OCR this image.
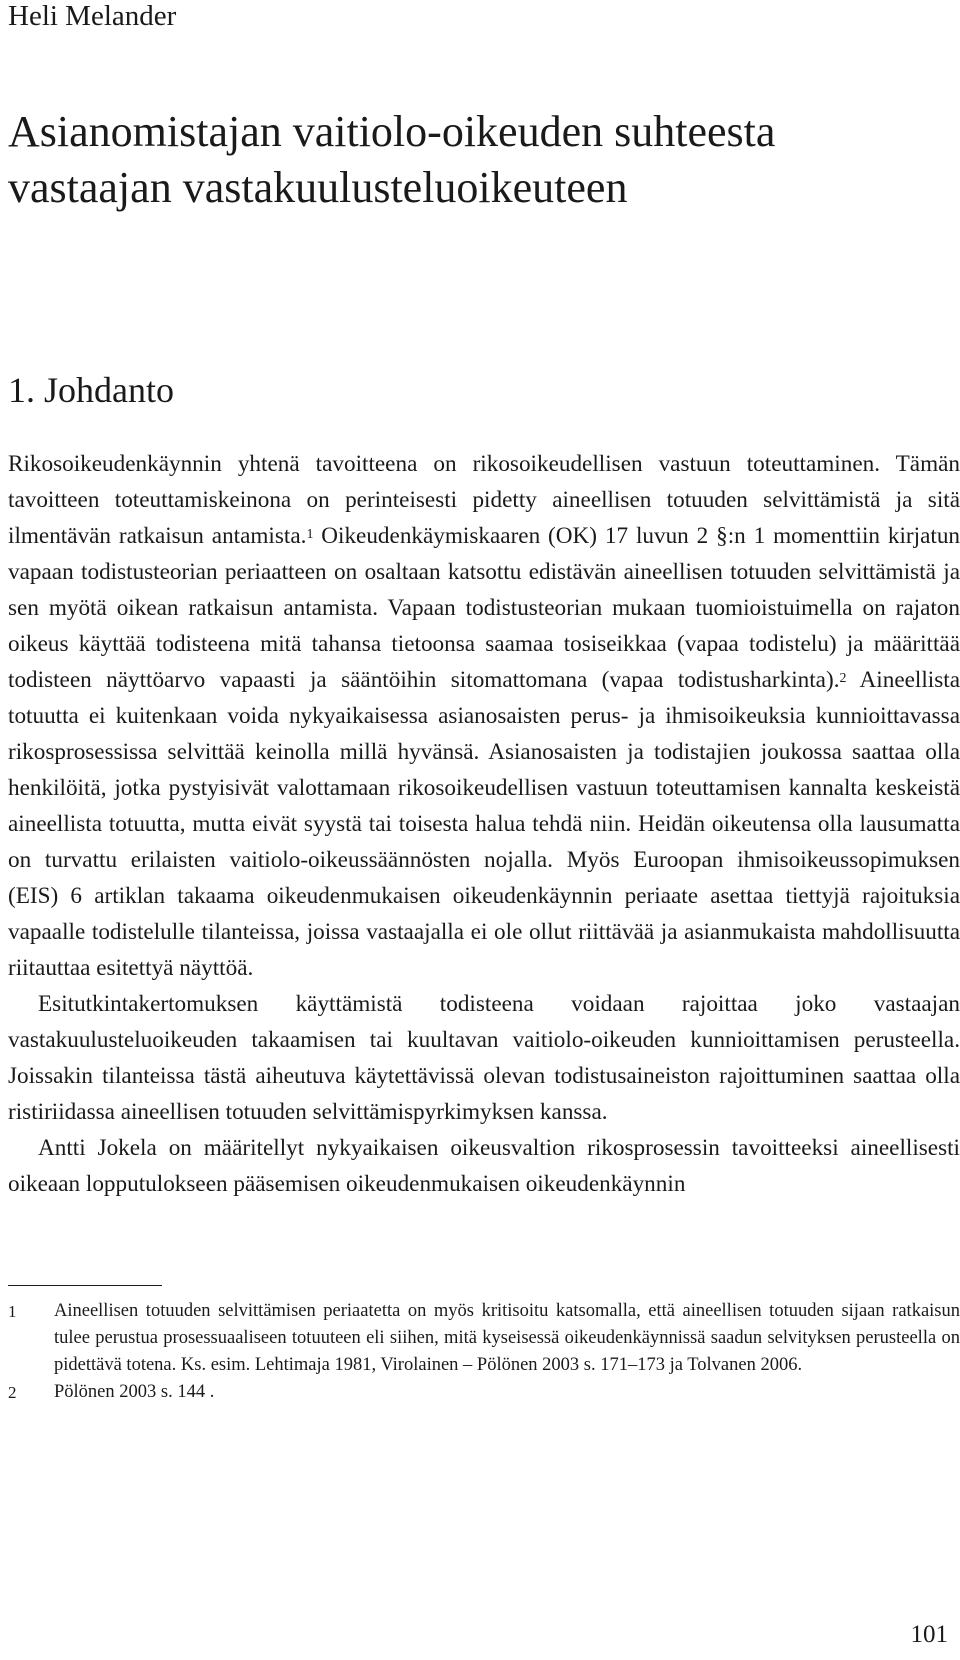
Heli Melander
Asianomistajan vaitiolo-oikeuden suhteesta vastaajan vastakuulusteluoikeuteen
1. Johdanto

Rikosoikeudenkäynnin yhtenä tavoitteena on rikosoikeudellisen vastuun toteuttaminen. Tämän tavoitteen toteuttamiskeinona on perinteisesti pidetty aineellisen totuuden selvittämistä ja sitä ilmentävän ratkaisun antamista.$^1$ Oikeudenkäymiskaaren (OK) 17 luvun 2 §:n 1 momenttiin kirjatun vapaan todistusteorian periaatteen on osaltaan katsottu edistävän aineellisen totuuden selvittämistä ja sen myötä oikean ratkaisun antamista. Vapaan todistusteorian mukaan tuomioistuimella on rajaton oikeus käyttää todisteena mitä tahansa tietoonsa saamaa tosiseikkaa (vapaa todistelu) ja määrittää todisteen näyttöarvo vapaasti ja sääntöihin sitomattomana (vapaa todistusharkinta).$^2$ Aineellista totuutta ei kuitenkaan voida nykyaikaisessa asianosaisten perus- ja ihmisoikeuksia kunnioittavassa rikosprosessissa selvittää keinolla millä hyvänsä. Asianosaisten ja todistajien joukossa saattaa olla henkilöitä, jotka pystyisivät valottamaan rikosoikeudellisen vastuun toteuttamisen kannalta keskeistä aineellista totuutta, mutta eivät syystä tai toisesta halua tehdä niin. Heidän oikeutensa olla lausumatta on turvattu erilaisten vaitiolo-oikeussäännösten nojalla. Myös Euroopan ihmisoikeussopimuksen (EIS) 6 artiklan takaama oikeudenmukaisen oikeudenkäynnin periaate asettaa tiettyjä rajoituksia vapaalle todistelulle tilanteissa, joissa vastaajalla ei ole ollut riittävää ja asianmukaista mahdollisuutta riitauttaa esitettyä näyttöä.

Esitutkintakertomuksen käyttämistä todisteena voidaan rajoittaa joko vastaajan vastakuulusteluoikeuden takaamisen tai kuultavan vaitiolo-oikeuden kunnioittamisen perusteella. Joissakin tilanteissa tästä aiheutuva käytettävissä olevan todistusaineiston rajoittuminen saattaa olla ristiriidassa aineellisen totuuden selvittämispyrkimyksen kanssa.

Antti Jokela on määritellyt nykyaikaisen oikeusvaltion rikosprosessin tavoitteeksi aineellisesti oikeaan lopputulokseen pääsemisen oikeudenmukaisen oikeudenkäynnin

1	Aineellisen totuuden selvittämisen periaatetta on myös kritisoitu katsomalla, että aineellisen totuuden sijaan ratkaisun tulee perustua prosessuaaliseen totuuteen eli siihen, mitä kyseisessä oikeudenkäynnissä saadun selvityksen perusteella on pidettävä totena. Ks. esim. Lehtimaja 1981, Virolainen – Pölönen 2003 s. 171–173 ja Tolvanen 2006.
2	Pölönen 2003 s. 144 .
101
